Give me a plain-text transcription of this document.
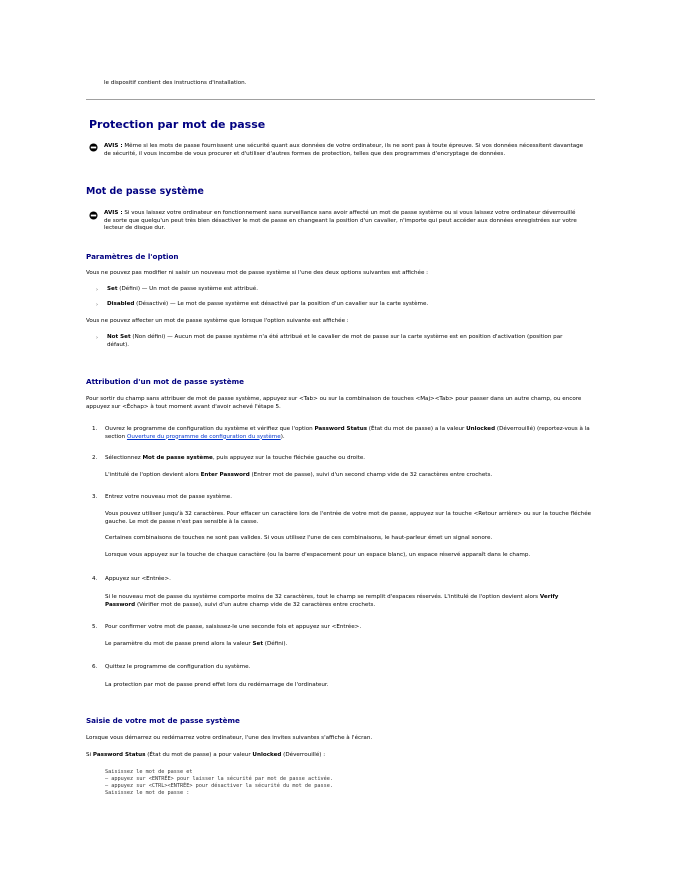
le dispositif contient des instructions d'installation.
Protection par mot de passe
AVIS : Même si les mots de passe fournissent une sécurité quant aux données de votre ordinateur, ils ne sont pas à toute épreuve. Si vos données nécessitent davantage de sécurité, il vous incombe de vous procurer et d'utiliser d'autres formes de protection, telles que des programmes d'encryptage de données.
Mot de passe système
AVIS : Si vous laissez votre ordinateur en fonctionnement sans surveillance sans avoir affecté un mot de passe système ou si vous laissez votre ordinateur déverrouillé de sorte que quelqu'un peut très bien désactiver le mot de passe en changeant la position d'un cavalier, n'importe qui peut accéder aux données enregistrées sur votre lecteur de disque dur.
Paramètres de l'option
Vous ne pouvez pas modifier ni saisir un nouveau mot de passe système si l'une des deux options suivantes est affichée :
› Set (Défini) — Un mot de passe système est attribué.
› Disabled (Désactivé) — Le mot de passe système est désactivé par la position d'un cavalier sur la carte système.
Vous ne pouvez affecter un mot de passe système que lorsque l'option suivante est affichée :
› Not Set (Non défini) — Aucun mot de passe système n'a été attribué et le cavalier de mot de passe sur la carte système est en position d'activation (position par défaut).
Attribution d'un mot de passe système
Pour sortir du champ sans attribuer de mot de passe système, appuyez sur <Tab> ou sur la combinaison de touches <Maj><Tab> pour passer dans un autre champ, ou encore appuyez sur <Échap> à tout moment avant d'avoir achevé l'étape 5.
1. Ouvrez le programme de configuration du système et vérifiez que l'option Password Status (État du mot de passe) a la valeur Unlocked (Déverrouillé) (reportez-vous à la section Ouverture du programme de configuration du système).
2. Sélectionnez Mot de passe système, puis appuyez sur la touche fléchée gauche ou droite.
L'intitulé de l'option devient alors Enter Password (Entrer mot de passe), suivi d'un second champ vide de 32 caractères entre crochets.
3. Entrez votre nouveau mot de passe système.
Vous pouvez utiliser jusqu'à 32 caractères. Pour effacer un caractère lors de l'entrée de votre mot de passe, appuyez sur la touche <Retour arrière> ou sur la touche fléchée gauche. Le mot de passe n'est pas sensible à la casse.
Certaines combinaisons de touches ne sont pas valides. Si vous utilisez l'une de ces combinaisons, le haut-parleur émet un signal sonore.
Lorsque vous appuyez sur la touche de chaque caractère (ou la barre d'espacement pour un espace blanc), un espace réservé apparaît dans le champ.
4. Appuyez sur <Entrée>.
Si le nouveau mot de passe du système comporte moins de 32 caractères, tout le champ se remplit d'espaces réservés. L'intitulé de l'option devient alors Verify Password (Vérifier mot de passe), suivi d'un autre champ vide de 32 caractères entre crochets.
5. Pour confirmer votre mot de passe, saisissez-le une seconde fois et appuyez sur <Entrée>.
Le paramètre du mot de passe prend alors la valeur Set (Défini).
6. Quittez le programme de configuration du système.
La protection par mot de passe prend effet lors du redémarrage de l'ordinateur.
Saisie de votre mot de passe système
Lorsque vous démarrez ou redémarrez votre ordinateur, l'une des invites suivantes s'affiche à l'écran.
Si Password Status (État du mot de passe) a pour valeur Unlocked (Déverrouillé) :
Saisissez le mot de passe et
– appuyez sur <ENTRÉE> pour laisser la sécurité par mot de passe activée.
– appuyez sur <CTRL><ENTRÉE> pour désactiver la sécurité du mot de passe.
Saisissez le mot de passe :
